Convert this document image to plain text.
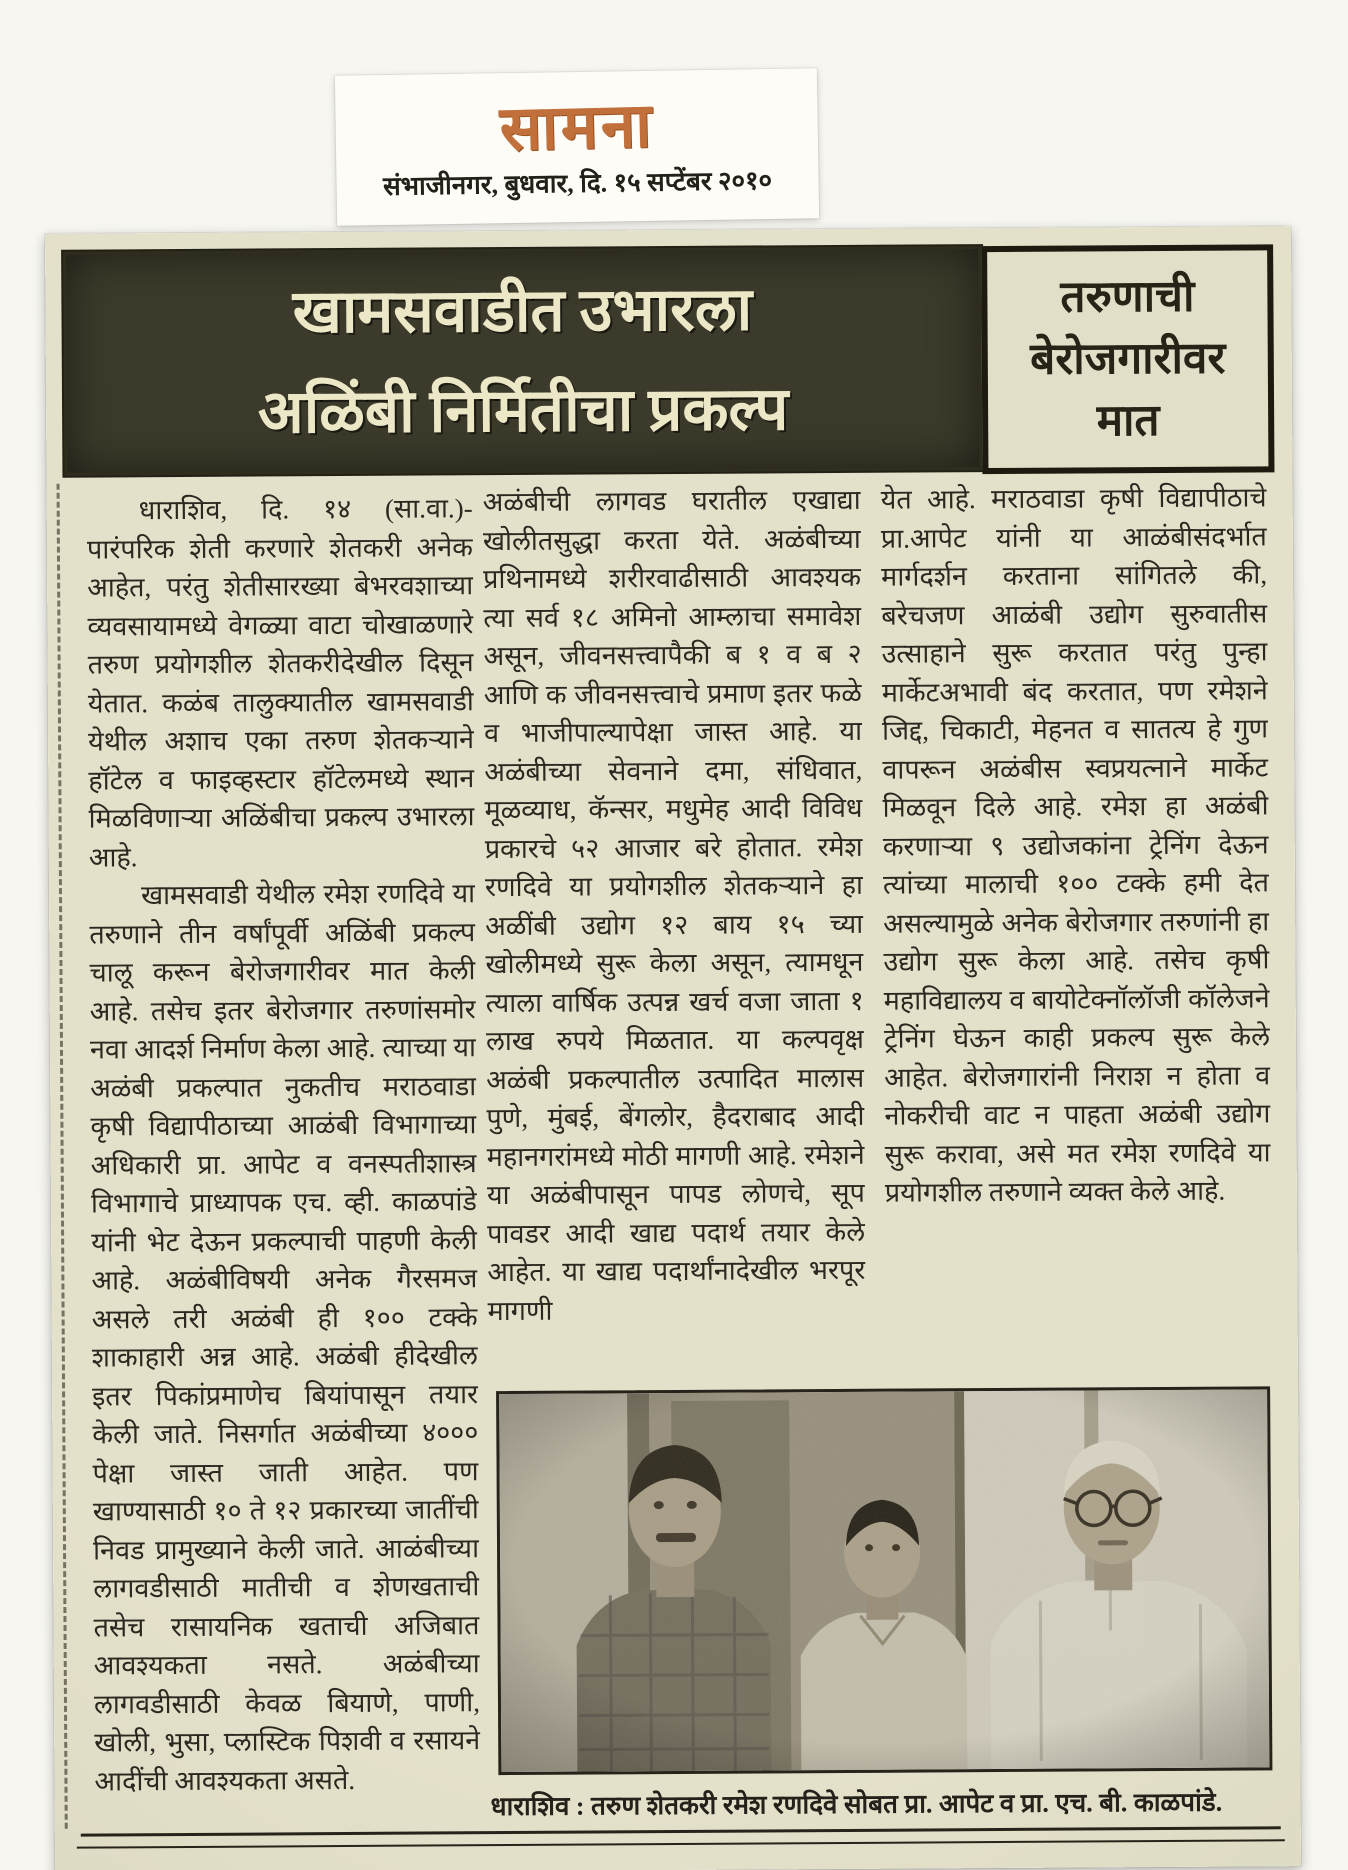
सामना
संभाजीनगर, बुधवार, दि. १५ सप्टेंबर २०१०
खामसवाडीत उभारला
अळिंबी निर्मितीचा प्रकल्प
तरुणाची
बेरोजगारीवर
मात

धाराशिव, दि. १४ (सा.वा.)- पारंपरिक शेती करणारे शेतकरी अनेक आहेत, परंतु शेतीसारख्या बेभरवशाच्या व्यवसायामध्ये वेगळ्या वाटा चोखाळणारे तरुण प्रयोगशील शेतकरीदेखील दिसून येतात. कळंब तालुक्यातील खामसवाडी येथील अशाच एका तरुण शेतकऱ्याने हॉटेल व फाइव्हस्टार हॉटेलमध्ये स्थान मिळविणाऱ्या अळिंबीचा प्रकल्प उभारला आहे.

खामसवाडी येथील रमेश रणदिवे या तरुणाने तीन वर्षांपूर्वी अळिंबी प्रकल्प चालू करून बेरोजगारीवर मात केली आहे. तसेच इतर बेरोजगार तरुणांसमोर नवा आदर्श निर्माण केला आहे. त्याच्या या अळंबी प्रकल्पात नुकतीच मराठवाडा कृषी विद्यापीठाच्या आळंबी विभागाच्या अधिकारी प्रा. आपेट व वनस्पतीशास्त्र विभागाचे प्राध्यापक एच. व्ही. काळपांडे यांनी भेट देऊन प्रकल्पाची पाहणी केली आहे. अळंबीविषयी अनेक गैरसमज असले तरी अळंबी ही १०० टक्के शाकाहारी अन्न आहे. अळंबी हीदेखील इतर पिकांप्रमाणेच बियांपासून तयार केली जाते. निसर्गात अळंबीच्या ४००० पेक्षा जास्त जाती आहेत. पण खाण्यासाठी १० ते १२ प्रकारच्या जातींची निवड प्रामुख्याने केली जाते. आळंबीच्या लागवडीसाठी मातीची व शेणखताची तसेच रासायनिक खताची अजिबात आवश्यकता नसते. अळंबीच्या लागवडीसाठी केवळ बियाणे, पाणी, खोली, भुसा, प्लास्टिक पिशवी व रसायने आदींची आवश्यकता असते.

अळंबीची लागवड घरातील एखाद्या खोलीतसुद्धा करता येते. अळंबीच्या प्रथिनामध्ये शरीरवाढीसाठी आवश्यक त्या सर्व १८ अमिनो आम्लाचा समावेश असून, जीवनसत्त्वापैकी ब १ व ब २ आणि क जीवनसत्त्वाचे प्रमाण इतर फळे व भाजीपाल्यापेक्षा जास्त आहे. या अळंबीच्या सेवनाने दमा, संधिवात, मूळव्याध, कॅन्सर, मधुमेह आदी विविध प्रकारचे ५२ आजार बरे होतात. रमेश रणदिवे या प्रयोगशील शेतकऱ्याने हा अळींबी उद्योग १२ बाय १५ च्या खोलीमध्ये सुरू केला असून, त्यामधून त्याला वार्षिक उत्पन्न खर्च वजा जाता १ लाख रुपये मिळतात. या कल्पवृक्ष अळंबी प्रकल्पातील उत्पादित मालास पुणे, मुंबई, बेंगलोर, हैदराबाद आदी महानगरांमध्ये मोठी मागणी आहे. रमेशने या अळंबीपासून पापड लोणचे, सूप पावडर आदी खाद्य पदार्थ तयार केले आहेत. या खाद्य पदार्थांनादेखील भरपूर मागणी

येत आहे. मराठवाडा कृषी विद्यापीठाचे प्रा.आपेट यांनी या आळंबीसंदर्भात मार्गदर्शन करताना सांगितले की, बरेचजण आळंबी उद्योग सुरुवातीस उत्साहाने सुरू करतात परंतु पुन्हा मार्केटअभावी बंद करतात, पण रमेशने जिद्द, चिकाटी, मेहनत व सातत्य हे गुण वापरून अळंबीस स्वप्रयत्नाने मार्केट मिळवून दिले आहे. रमेश हा अळंबी करणाऱ्या ९ उद्योजकांना ट्रेनिंग देऊन त्यांच्या मालाची १०० टक्के हमी देत असल्यामुळे अनेक बेरोजगार तरुणांनी हा उद्योग सुरू केला आहे. तसेच कृषी महाविद्यालय व बायोटेक्नॉलॉजी कॉलेजने ट्रेनिंग घेऊन काही प्रकल्प सुरू केले आहेत. बेरोजगारांनी निराश न होता व नोकरीची वाट न पाहता अळंबी उद्योग सुरू करावा, असे मत रमेश रणदिवे या प्रयोगशील तरुणाने व्यक्त केले आहे.

धाराशिव : तरुण शेतकरी रमेश रणदिवे सोबत प्रा. आपेट व प्रा. एच. बी. काळपांडे.
